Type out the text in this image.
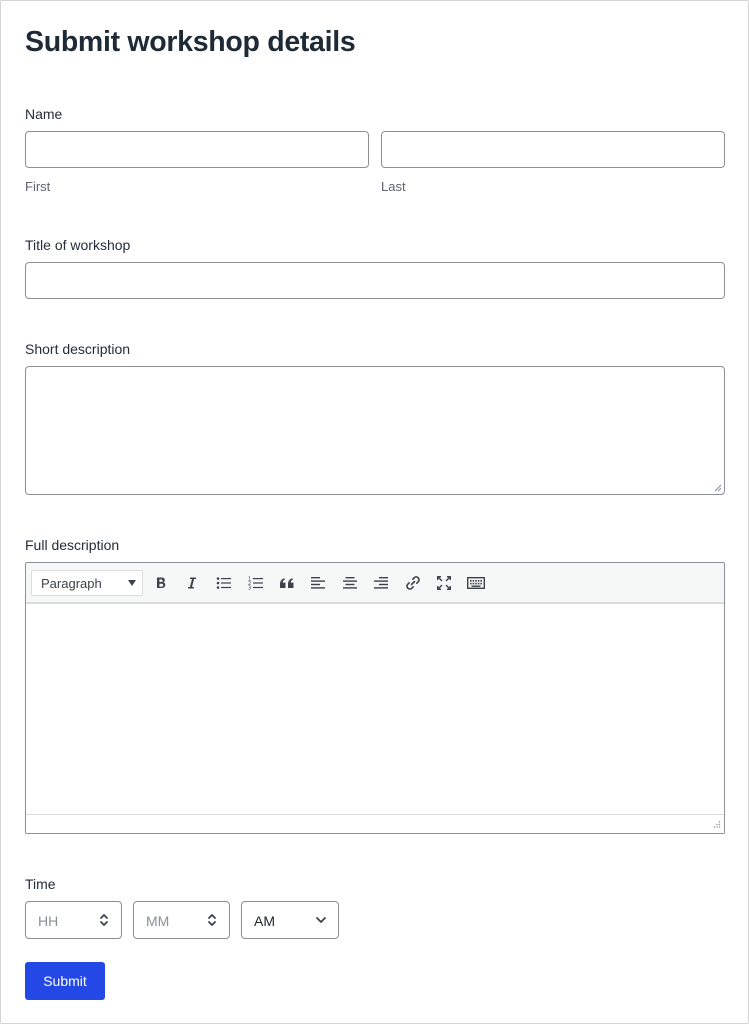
Submit workshop details
Name
First	Last
Title of workshop
Short description
Full description
Paragraph	1
2
3
Time
HH	MM	AM
Submit
